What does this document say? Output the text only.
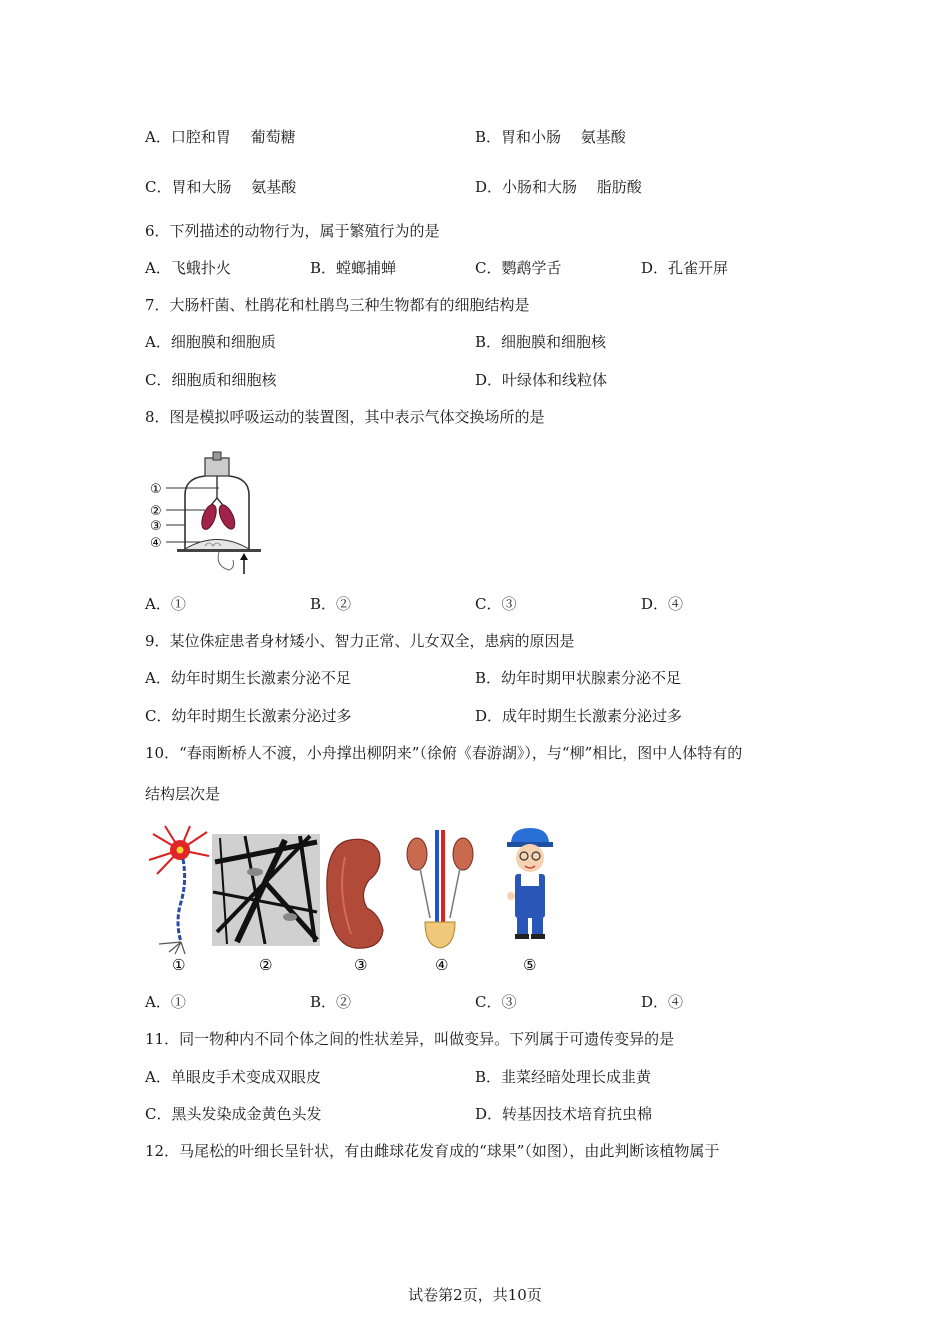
A．口腔和胃　 葡萄糖	B．胃和小肠　 氨基酸
C．胃和大肠　 氨基酸	D．小肠和大肠　 脂肪酸
6．下列描述的动物行为，属于繁殖行为的是
A．飞蛾扑火	B．螳螂捕蝉	C．鹦鹉学舌	D．孔雀开屏
7．大肠杆菌、杜鹃花和杜鹃鸟三种生物都有的细胞结构是
A．细胞膜和细胞质	B．细胞膜和细胞核
C．细胞质和细胞核	D．叶绿体和线粒体
8．图是模拟呼吸运动的装置图，其中表示气体交换场所的是
①
②
③
④
A．①	B．②	C．③	D．④
9．某位侏症患者身材矮小、智力正常、儿女双全，患病的原因是
A．幼年时期生长激素分泌不足	B．幼年时期甲状腺素分泌不足
C．幼年时期生长激素分泌过多	D．成年时期生长激素分泌过多
10．“春雨断桥人不渡，小舟撑出柳阴来”（徐俯《春游湖》），与“柳”相比，图中人体特有的
结构层次是
①	②	③	④	⑤
A．①	B．②	C．③	D．④
11．同一物种内不同个体之间的性状差异，叫做变异。下列属于可遗传变异的是
A．单眼皮手术变成双眼皮	B．韭菜经暗处理长成韭黄
C．黑头发染成金黄色头发	D．转基因技术培育抗虫棉
12．马尾松的叶细长呈针状，有由雌球花发育成的“球果”（如图），由此判断该植物属于
试卷第2页，共10页
